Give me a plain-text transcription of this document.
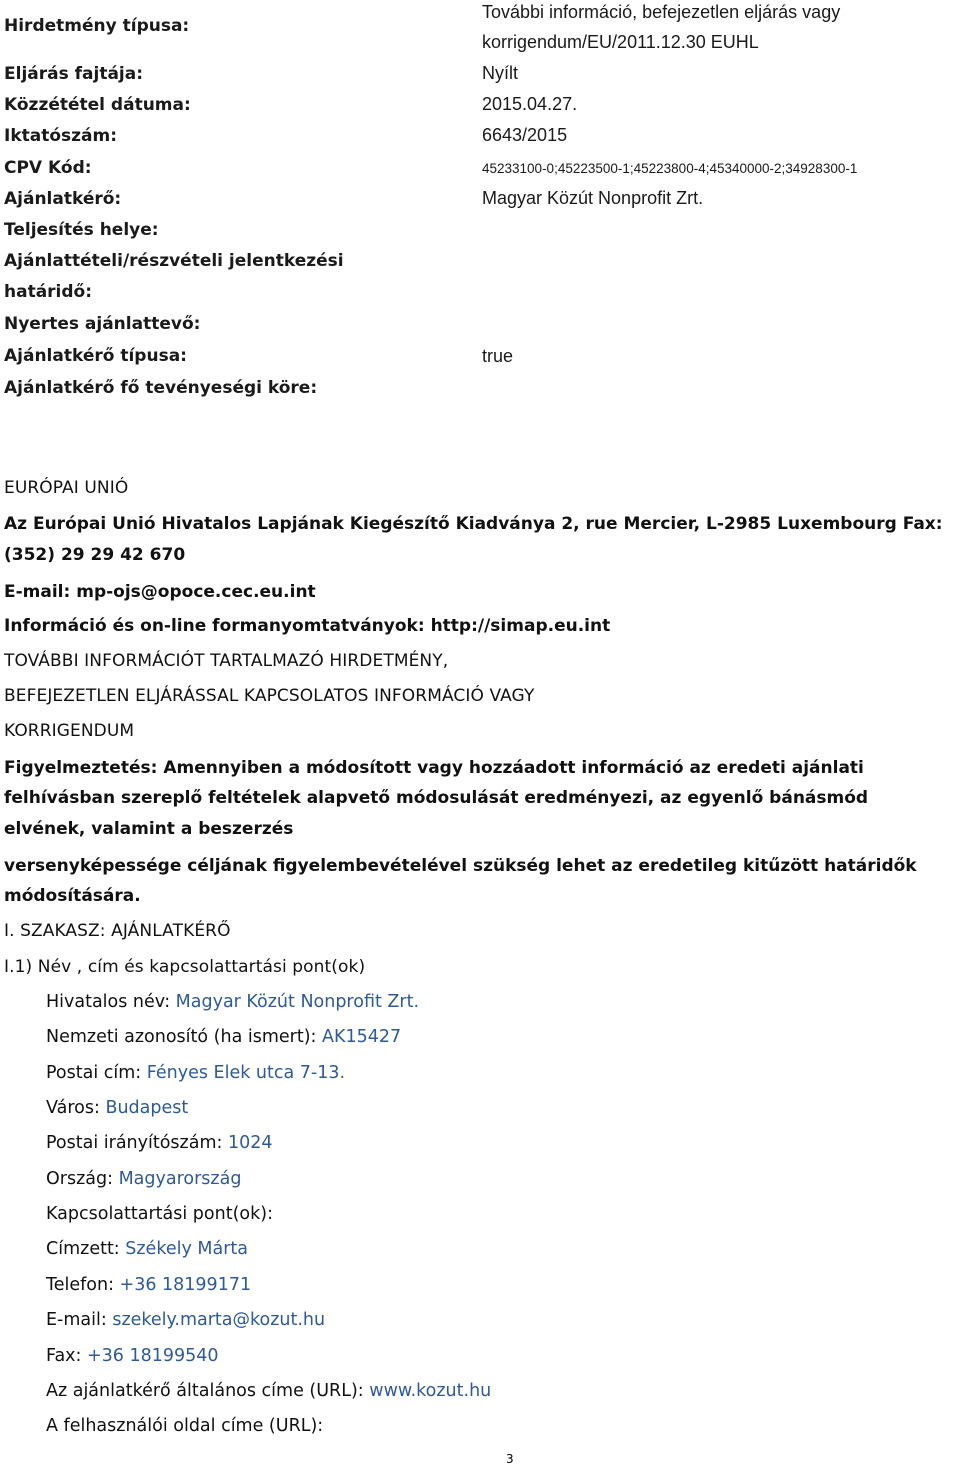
Hirdetmény típusa:
További információ, befejezetlen eljárás vagy
korrigendum/EU/2011.12.30 EUHL
Eljárás fajtája:	Nyílt
Közzététel dátuma:	2015.04.27.
Iktatószám:	6643/2015
CPV Kód:	45233100-0;45223500-1;45223800-4;45340000-2;34928300-1
Ajánlatkérő:	Magyar Közút Nonprofit Zrt.
Teljesítés helye:
Ajánlattételi/részvételi jelentkezési
határidő:
Nyertes ajánlattevő:
Ajánlatkérő típusa:	true
Ajánlatkérő fő tevényeségi köre:
EURÓPAI UNIÓ
Az Európai Unió Hivatalos Lapjának Kiegészítő Kiadványa 2, rue Mercier, L-2985 Luxembourg Fax:
(352) 29 29 42 670
E-mail: mp-ojs@opoce.cec.eu.int
Információ és on-line formanyomtatványok: http://simap.eu.int
TOVÁBBI INFORMÁCIÓT TARTALMAZÓ HIRDETMÉNY,
BEFEJEZETLEN ELJÁRÁSSAL KAPCSOLATOS INFORMÁCIÓ VAGY
KORRIGENDUM
Figyelmeztetés: Amennyiben a módosított vagy hozzáadott információ az eredeti ajánlati
felhívásban szereplő feltételek alapvető módosulását eredményezi, az egyenlő bánásmód
elvének, valamint a beszerzés
versenyképessége céljának figyelembevételével szükség lehet az eredetileg kitűzött határidők
módosítására.
I. SZAKASZ: AJÁNLATKÉRŐ
I.1) Név , cím és kapcsolattartási pont(ok)
Hivatalos név: Magyar Közút Nonprofit Zrt.
Nemzeti azonosító (ha ismert): AK15427
Postai cím: Fényes Elek utca 7-13.
Város: Budapest
Postai irányítószám: 1024
Ország: Magyarország
Kapcsolattartási pont(ok):
Címzett: Székely Márta
Telefon: +36 18199171
E-mail: szekely.marta@kozut.hu
Fax: +36 18199540
Az ajánlatkérő általános címe (URL): www.kozut.hu
A felhasználói oldal címe (URL):
3
